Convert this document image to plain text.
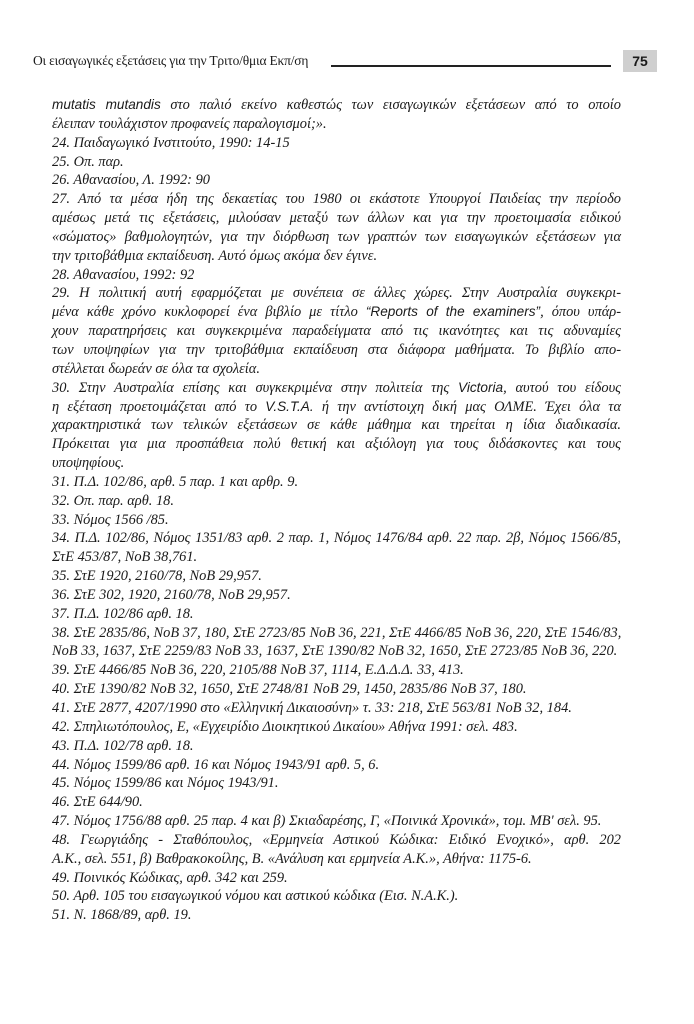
Οι εισαγωγικές εξετάσεις για την Τριτο/θμια Εκπ/ση	75
mutatis mutandis στο παλιό εκείνο καθεστώς των εισαγωγικών εξετάσεων από το οποίο
έλειπαν τουλάχιστον προφανείς παραλογισμοί;».
24. Παιδαγωγικό Ινστιτούτο, 1990: 14-15
25. Οπ. παρ.
26. Αθανασίου, Λ. 1992: 90
27. Από τα μέσα ήδη της δεκαετίας του 1980 οι εκάστοτε Υπουργοί Παιδείας την περίοδο
αμέσως μετά τις εξετάσεις, μιλούσαν μεταξύ των άλλων και για την προετοιμασία ειδικού
«σώματος» βαθμολογητών, για την διόρθωση των γραπτών των εισαγωγικών εξετάσεων για
την τριτοβάθμια εκπαίδευση. Αυτό όμως ακόμα δεν έγινε.
28. Αθανασίου, 1992: 92
29. Η πολιτική αυτή εφαρμόζεται με συνέπεια σε άλλες χώρες. Στην Αυστραλία συγκεκρι-
μένα κάθε χρόνο κυκλοφορεί ένα βιβλίο με τίτλο “Reports of the examiners”, όπου υπάρ-
χουν παρατηρήσεις και συγκεκριμένα παραδείγματα από τις ικανότητες και τις αδυναμίες
των υποψηφίων για την τριτοβάθμια εκπαίδευση στα διάφορα μαθήματα. Το βιβλίο απο-
στέλλεται δωρεάν σε όλα τα σχολεία.
30. Στην Αυστραλία επίσης και συγκεκριμένα στην πολιτεία της Victoria, αυτού του είδους
η εξέταση προετοιμάζεται από το V.S.T.A. ή την αντίστοιχη δική μας ΟΛΜΕ. Έχει όλα τα
χαρακτηριστικά των τελικών εξετάσεων σε κάθε μάθημα και τηρείται η ίδια διαδικασία.
Πρόκειται για μια προσπάθεια πολύ θετική και αξιόλογη για τους διδάσκοντες και τους
υποψηφίους.
31. Π.Δ. 102/86, αρθ. 5 παρ. 1 και αρθρ. 9.
32. Οπ. παρ. αρθ. 18.
33. Νόμος 1566 /85.
34. Π.Δ. 102/86, Νόμος 1351/83 αρθ. 2 παρ. 1, Νόμος 1476/84 αρθ. 22 παρ. 2β, Νόμος 1566/85,
ΣτΕ 453/87, ΝοΒ 38,761.
35. ΣτΕ 1920, 2160/78, ΝοΒ 29,957.
36. ΣτΕ 302, 1920, 2160/78, ΝοΒ 29,957.
37. Π.Δ. 102/86 αρθ. 18.
38. ΣτΕ 2835/86, ΝοΒ 37, 180, ΣτΕ 2723/85 ΝοΒ 36, 221, ΣτΕ 4466/85 ΝοΒ 36, 220, ΣτΕ 1546/83,
ΝοΒ 33, 1637, ΣτΕ 2259/83 ΝοΒ 33, 1637, ΣτΕ 1390/82 ΝοΒ 32, 1650, ΣτΕ 2723/85 ΝοΒ 36, 220.
39. ΣτΕ 4466/85 ΝοΒ 36, 220, 2105/88 ΝοΒ 37, 1114, Ε.Δ.Δ.Δ. 33, 413.
40. ΣτΕ 1390/82 ΝοΒ 32, 1650, ΣτΕ 2748/81 ΝοΒ 29, 1450, 2835/86 ΝοΒ 37, 180.
41. ΣτΕ 2877, 4207/1990 στο «Ελληνική Δικαιοσύνη» τ. 33: 218, ΣτΕ 563/81 ΝοΒ 32, 184.
42. Σπηλιωτόπουλος, Ε, «Εγχειρίδιο Διοικητικού Δικαίου» Αθήνα 1991: σελ. 483.
43. Π.Δ. 102/78 αρθ. 18.
44. Νόμος 1599/86 αρθ. 16 και Νόμος 1943/91 αρθ. 5, 6.
45. Νόμος 1599/86 και Νόμος 1943/91.
46. ΣτΕ 644/90.
47. Νόμος 1756/88 αρθ. 25 παρ. 4 και β) Σκιαδαρέσης, Γ, «Ποινικά Χρονικά», τομ. ΜΒ' σελ. 95.
48. Γεωργιάδης - Σταθόπουλος, «Ερμηνεία Αστικού Κώδικα: Ειδικό Ενοχικό», αρθ. 202
Α.Κ., σελ. 551, β) Βαθρακοκοίλης, Β. «Ανάλυση και ερμηνεία Α.Κ.», Αθήνα: 1175-6.
49. Ποινικός Κώδικας, αρθ. 342 και 259.
50. Αρθ. 105 του εισαγωγικού νόμου και αστικού κώδικα (Εισ. Ν.Α.Κ.).
51. Ν. 1868/89, αρθ. 19.
